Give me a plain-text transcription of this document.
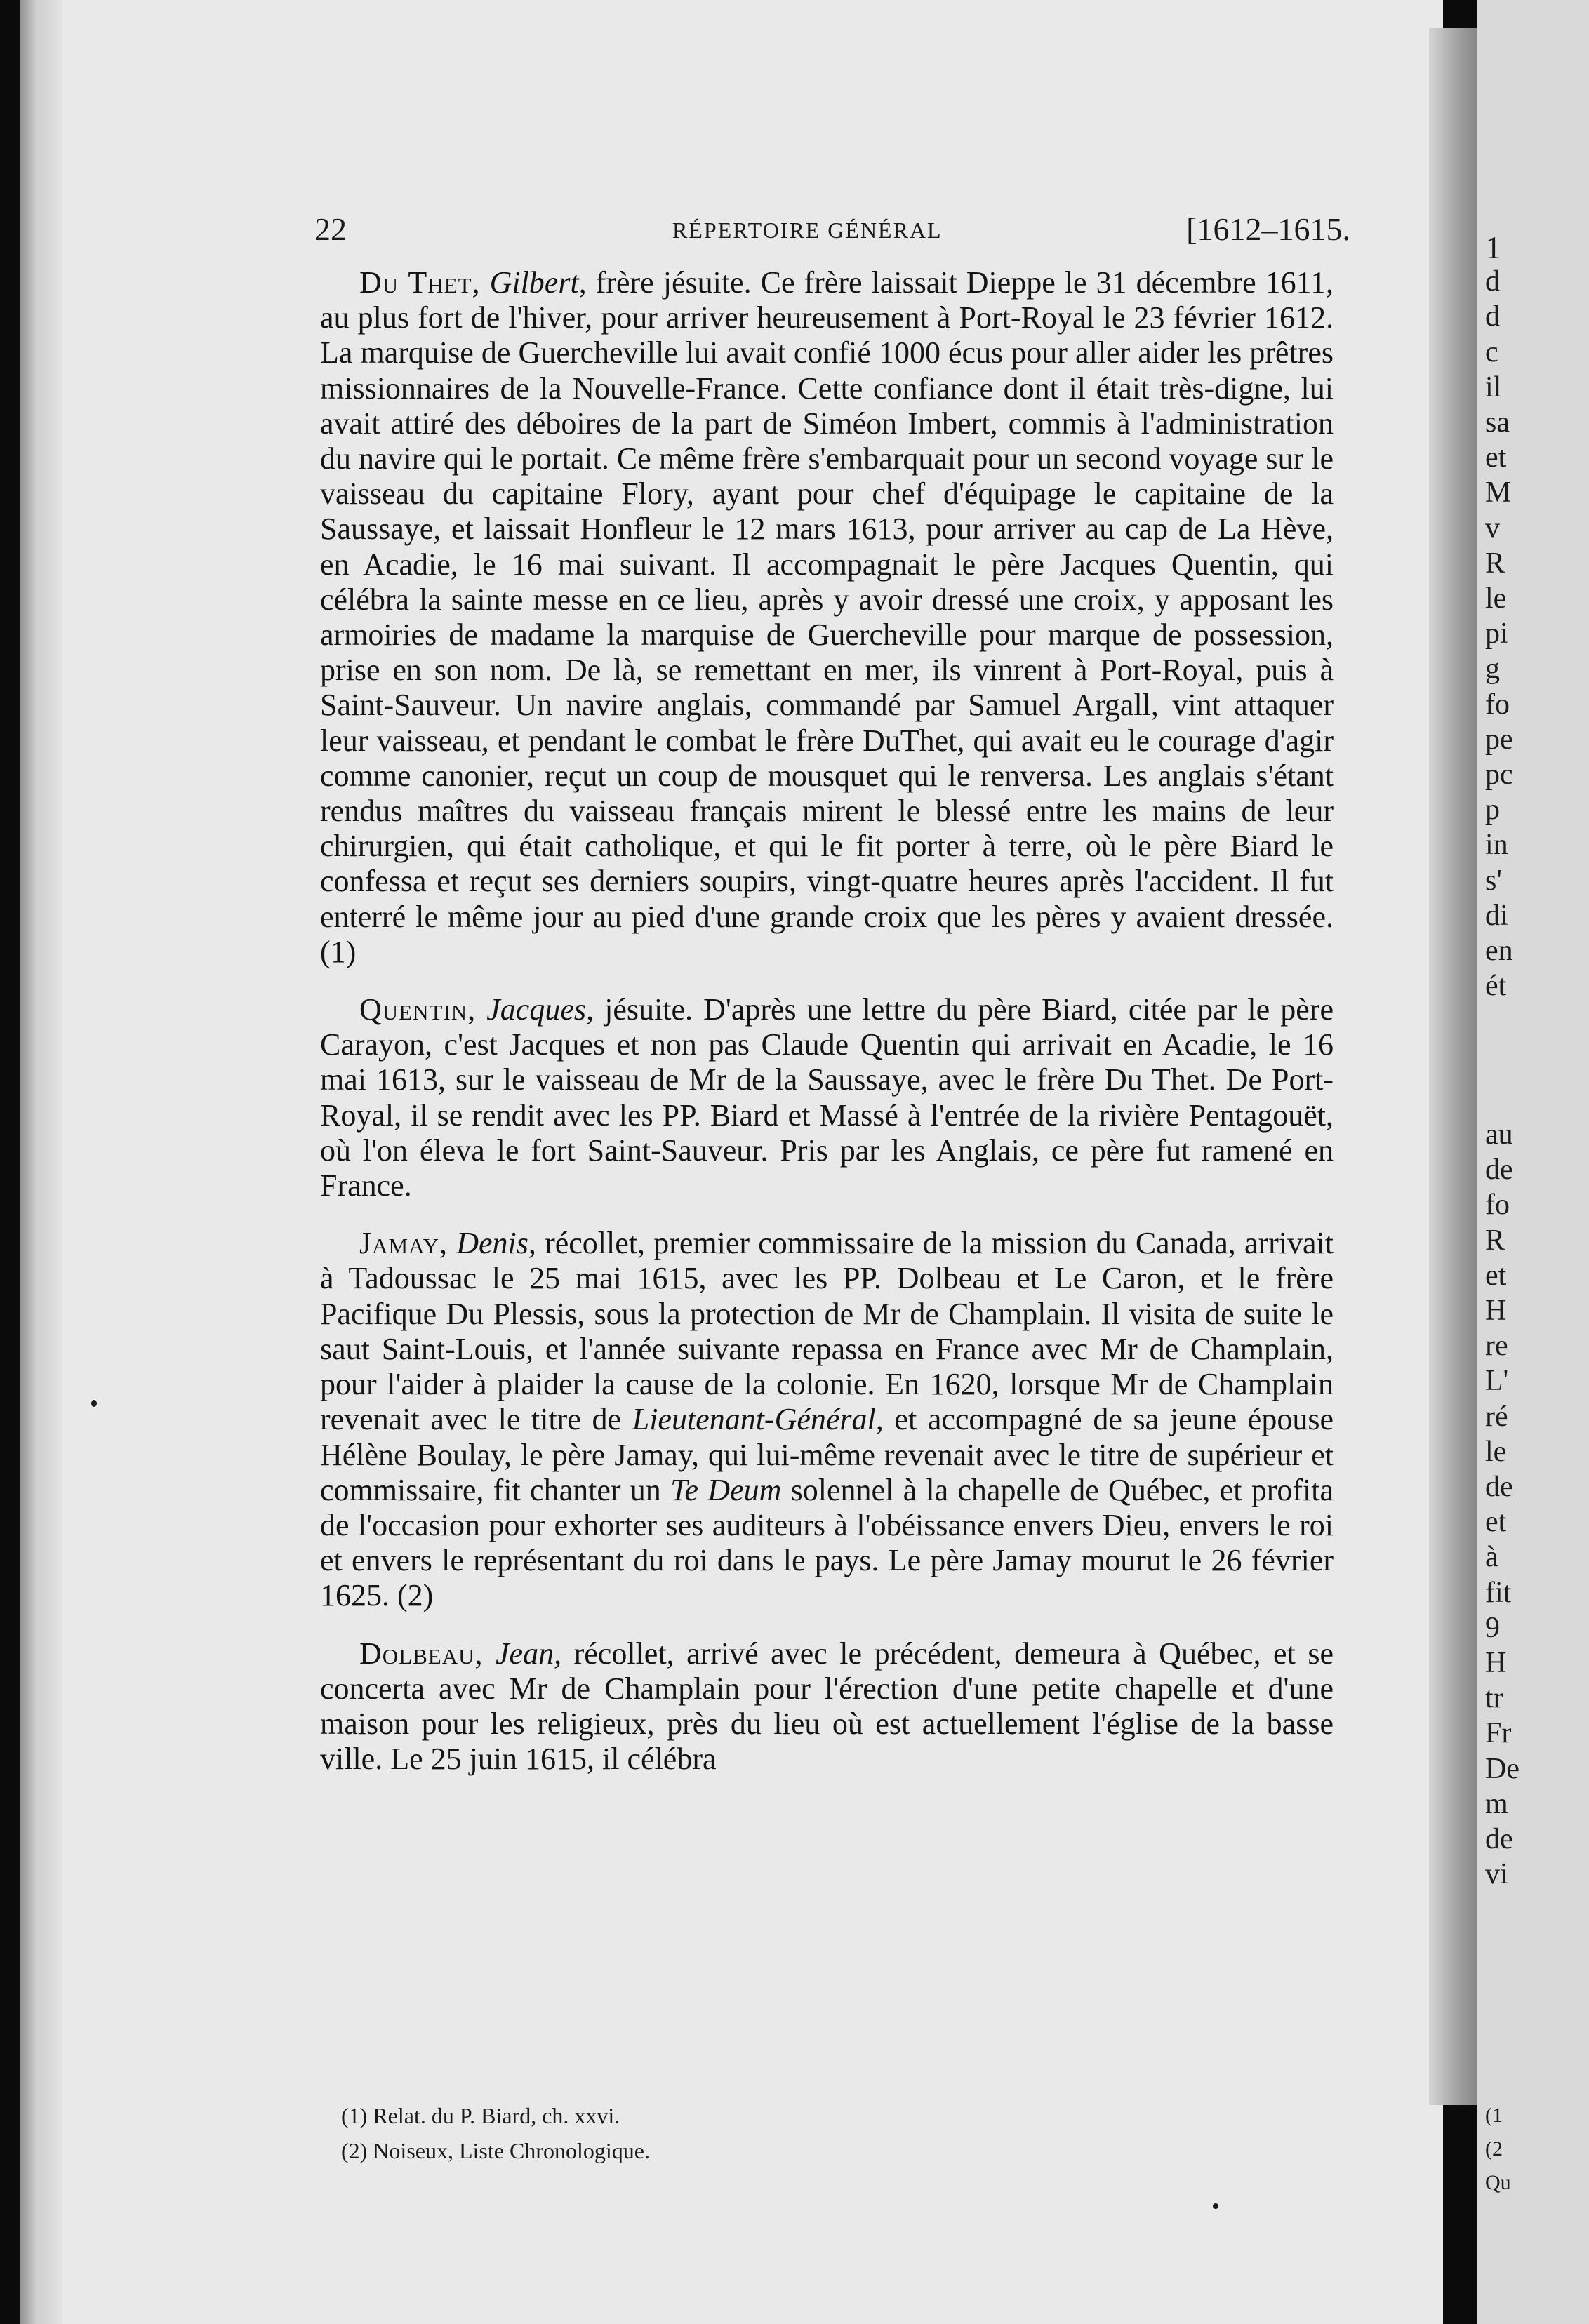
1
d
d
c
il
sa
et
M
v
R
le
pi
g
fo
pe
pc
p
in
s'
di
en
ét
au
de
fo
R
et
H
re
L'
ré
le
de
et
à
fit
9
H
tr
Fr
De
m
de
vi
(1
(2
Qu
22	RÉPERTOIRE GÉNÉRAL	[1612–1615.

Du Thet, Gilbert, frère jésuite. Ce frère laissait Dieppe le 31 décembre 1611, au plus fort de l'hiver, pour arriver heureusement à Port-Royal le 23 février 1612. La marquise de Guercheville lui avait confié 1000 écus pour aller aider les prêtres missionnaires de la Nouvelle-France. Cette confiance dont il était très-digne, lui avait attiré des déboires de la part de Siméon Imbert, commis à l'administration du navire qui le portait. Ce même frère s'embarquait pour un second voyage sur le vaisseau du capitaine Flory, ayant pour chef d'équipage le capitaine de la Saussaye, et laissait Honfleur le 12 mars 1613, pour arriver au cap de La Hève, en Acadie, le 16 mai suivant. Il accompagnait le père Jacques Quentin, qui célébra la sainte messe en ce lieu, après y avoir dressé une croix, y apposant les armoiries de madame la marquise de Guercheville pour marque de possession, prise en son nom. De là, se remettant en mer, ils vinrent à Port-Royal, puis à Saint-Sauveur. Un navire anglais, commandé par Samuel Argall, vint attaquer leur vaisseau, et pendant le combat le frère DuThet, qui avait eu le courage d'agir comme canonier, reçut un coup de mousquet qui le renversa. Les anglais s'étant rendus maîtres du vaisseau français mirent le blessé entre les mains de leur chirurgien, qui était catholique, et qui le fit porter à terre, où le père Biard le confessa et reçut ses derniers soupirs, vingt-quatre heures après l'accident. Il fut enterré le même jour au pied d'une grande croix que les pères y avaient dressée. (1)

Quentin, Jacques, jésuite. D'après une lettre du père Biard, citée par le père Carayon, c'est Jacques et non pas Claude Quentin qui arrivait en Acadie, le 16 mai 1613, sur le vaisseau de Mr de la Saussaye, avec le frère Du Thet. De Port-Royal, il se rendit avec les PP. Biard et Massé à l'entrée de la rivière Pentagouët, où l'on éleva le fort Saint-Sauveur. Pris par les Anglais, ce père fut ramené en France.

Jamay, Denis, récollet, premier commissaire de la mission du Canada, arrivait à Tadoussac le 25 mai 1615, avec les PP. Dolbeau et Le Caron, et le frère Pacifique Du Plessis, sous la protection de Mr de Champlain. Il visita de suite le saut Saint-Louis, et l'année suivante repassa en France avec Mr de Champlain, pour l'aider à plaider la cause de la colonie. En 1620, lorsque Mr de Champlain revenait avec le titre de Lieutenant-Général, et accompagné de sa jeune épouse Hélène Boulay, le père Jamay, qui lui-même revenait avec le titre de supérieur et commissaire, fit chanter un Te Deum solennel à la chapelle de Québec, et profita de l'occasion pour exhorter ses auditeurs à l'obéissance envers Dieu, envers le roi et envers le représentant du roi dans le pays. Le père Jamay mourut le 26 février 1625. (2)

Dolbeau, Jean, récollet, arrivé avec le précédent, demeura à Québec, et se concerta avec Mr de Champlain pour l'érection d'une petite chapelle et d'une maison pour les religieux, près du lieu où est actuellement l'église de la basse ville. Le 25 juin 1615, il célébra

(1) Relat. du P. Biard, ch. xxvi.
(2) Noiseux, Liste Chronologique.
